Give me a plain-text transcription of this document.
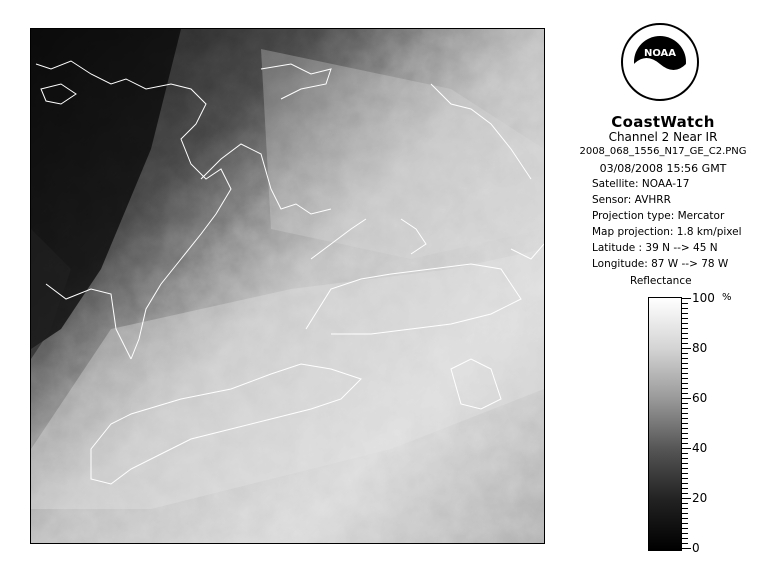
NOAA
CoastWatch
Channel 2 Near IR
2008_068_1556_N17_GE_C2.PNG
03/08/2008 15:56 GMT
Satellite: NOAA-17
Sensor: AVHRR
Projection type: Mercator
Map projection: 1.8 km/pixel
Latitude : 39 N --> 45 N
Longitude: 87 W --> 78 W
Reflectance
%
100
80
60
40
20
0
